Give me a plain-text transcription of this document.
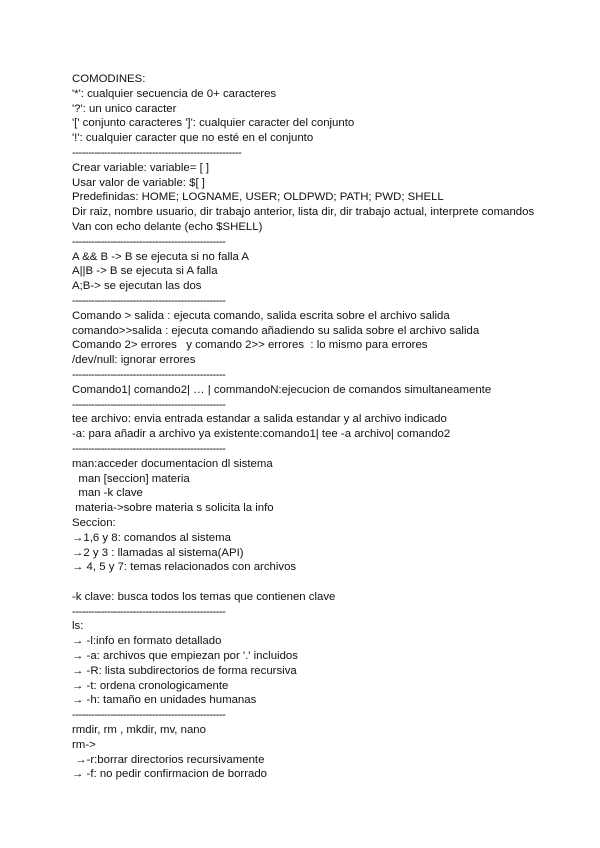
COMODINES:
'*': cualquier secuencia de 0+ caracteres
'?': un unico caracter
'[' conjunto caracteres ']': cualquier caracter del conjunto
'!': cualquier caracter que no esté en el conjunto
-----------------------------------------------------
Crear variable: variable= [ ]
Usar valor de variable: $[ ]
Predefinidas: HOME; LOGNAME, USER; OLDPWD; PATH; PWD; SHELL
Dir raiz, nombre usuario, dir trabajo anterior, lista dir, dir trabajo actual, interprete comandos
Van con echo delante (echo $SHELL)
------------------------------------------------
A && B -> B se ejecuta si no falla A
A||B -> B se ejecuta si A falla
A;B-> se ejecutan las dos
------------------------------------------------
Comando > salida : ejecuta comando, salida escrita sobre el archivo salida
comando>>salida : ejecuta comando añadiendo su salida sobre el archivo salida
Comando 2> errores   y comando 2>> errores  : lo mismo para errores
/dev/null: ignorar errores
------------------------------------------------
Comando1| comando2| … | commandoN:ejecucion de comandos simultaneamente
------------------------------------------------
tee archivo: envia entrada estandar a salida estandar y al archivo indicado
-a: para añadir a archivo ya existente:comando1| tee -a archivo| comando2
------------------------------------------------
man:acceder documentacion dl sistema
man [seccion] materia
man -k clave
materia->sobre materia s solicita la info
Seccion:
→1,6 y 8: comandos al sistema
→2 y 3 : llamadas al sistema(API)
→ 4, 5 y 7: temas relacionados con archivos
-k clave: busca todos los temas que contienen clave
------------------------------------------------
ls:
→ -l:info en formato detallado
→ -a: archivos que empiezan por '.' incluidos
→ -R: lista subdirectorios de forma recursiva
→ -t: ordena cronologicamente
→ -h: tamaño en unidades humanas
------------------------------------------------
rmdir, rm , mkdir, mv, nano
rm->
→-r:borrar directorios recursivamente
→ -f: no pedir confirmacion de borrado
